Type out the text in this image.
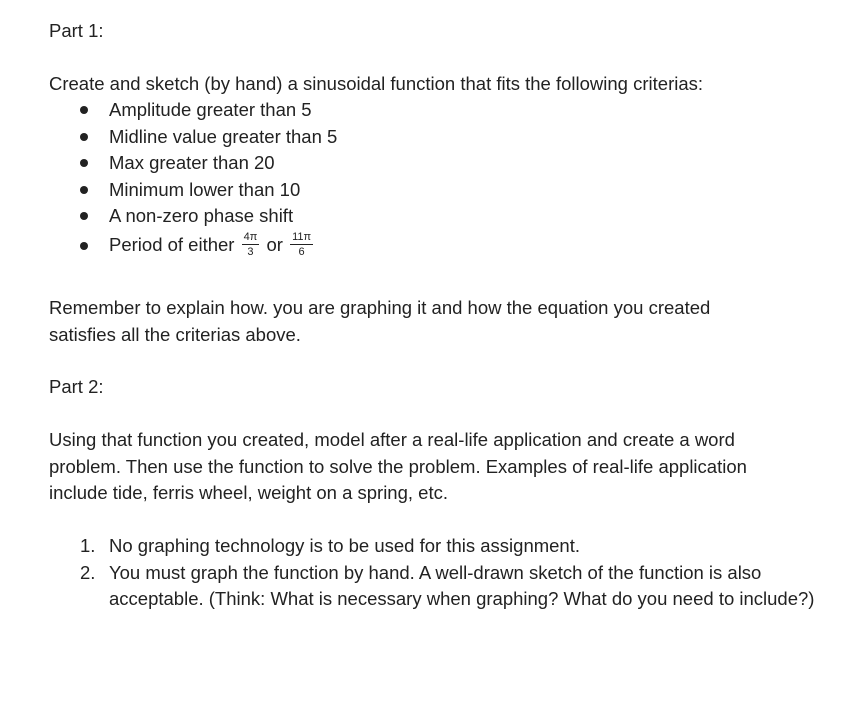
Part 1:
Create and sketch (by hand) a sinusoidal function that fits the following criterias:
Amplitude greater than 5
Midline value greater than 5
Max greater than 20
Minimum lower than 10
A non-zero phase shift
Period of either $\frac{4\pi}{3}$ or $\frac{11\pi}{6}$
Remember to explain how. you are graphing it and how the equation you created
satisfies all the criterias above.
Part 2:
Using that function you created, model after a real-life application and create a word
problem. Then use the function to solve the problem. Examples of real-life application
include tide, ferris wheel, weight on a spring, etc.
1. No graphing technology is to be used for this assignment.
2. You must graph the function by hand. A well-drawn sketch of the function is also acceptable. (Think: What is necessary when graphing? What do you need to include?)
